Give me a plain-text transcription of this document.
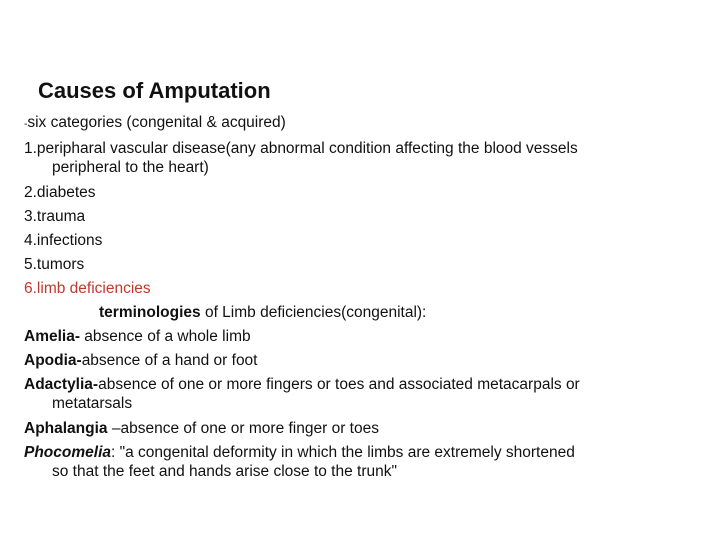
Causes of Amputation
-six categories (congenital & acquired)
1.peripharal vascular disease(any abnormal condition affecting the blood vessels
peripheral to the heart)
2.diabetes
3.trauma
4.infections
5.tumors
6.limb deficiencies
terminologies of Limb deficiencies(congenital):
Amelia- absence of a whole limb
Apodia-absence of a hand or foot
Adactylia-absence of one or more fingers or toes and associated metacarpals or
metatarsals
Aphalangia –absence of one or more finger or toes
Phocomelia: "a congenital deformity in which the limbs are extremely shortened
so that the feet and hands arise close to the trunk"
